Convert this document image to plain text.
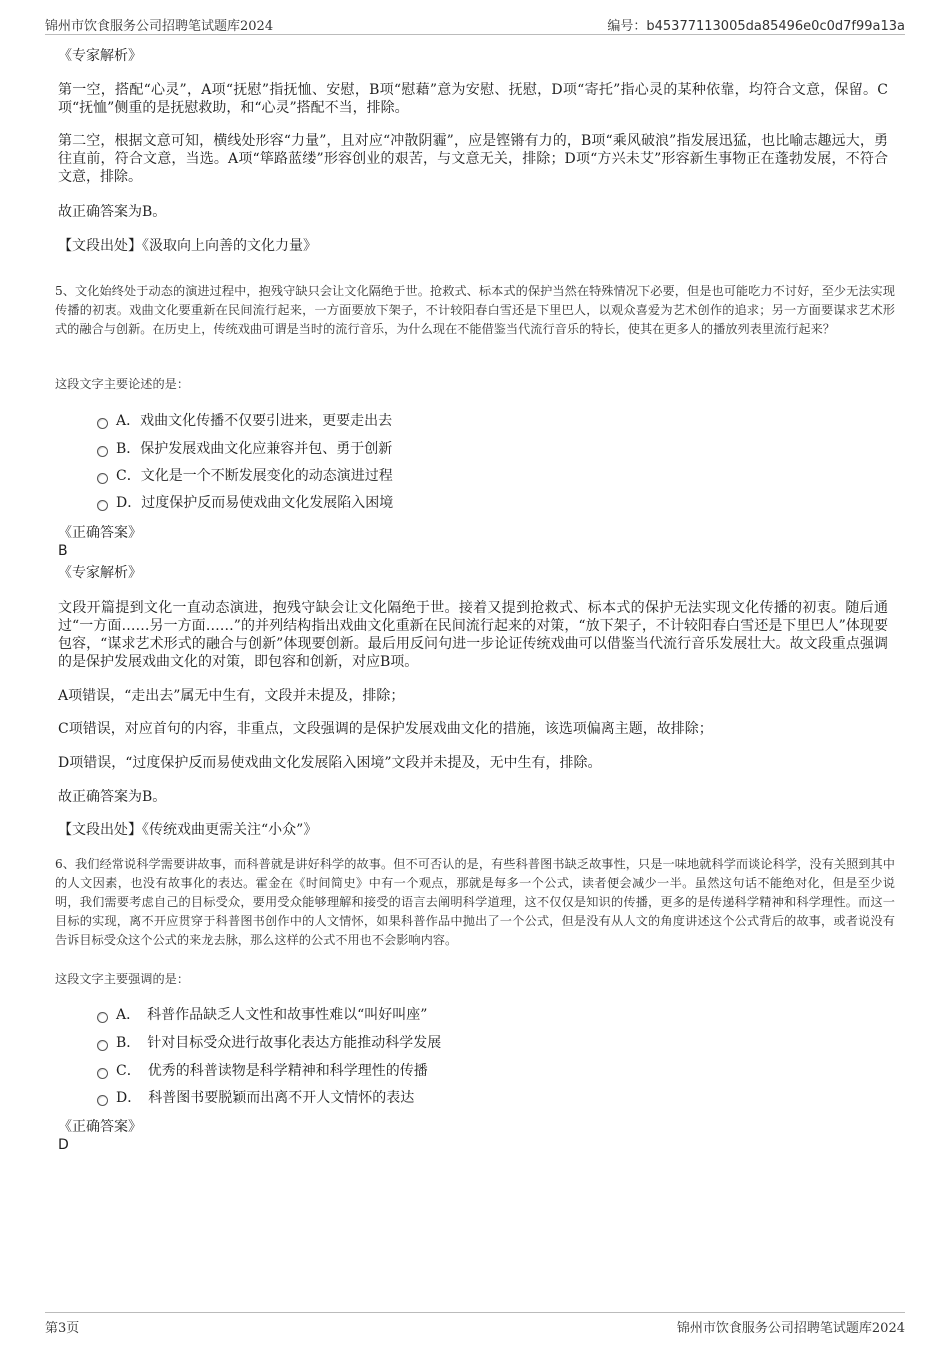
锦州市饮食服务公司招聘笔试题库2024	编号：b45377113005da85496e0c0d7f99a13a

《专家解析》

第一空，搭配“心灵”，A项“抚慰”指抚恤、安慰，B项“慰藉”意为安慰、抚慰，D项“寄托”指心灵的某种依靠，均符合文意，保留。C项“抚恤”侧重的是抚慰救助，和“心灵”搭配不当，排除。

第二空，根据文意可知，横线处形容“力量”，且对应“冲散阴霾”，应是铿锵有力的，B项“乘风破浪”指发展迅猛，也比喻志趣远大，勇往直前，符合文意，当选。A项“筚路蓝缕”形容创业的艰苦，与文意无关，排除；D项“方兴未艾”形容新生事物正在蓬勃发展，不符合文意，排除。

故正确答案为B。

【文段出处】《汲取向上向善的文化力量》

5、文化始终处于动态的演进过程中，抱残守缺只会让文化隔绝于世。抢救式、标本式的保护当然在特殊情况下必要，但是也可能吃力不讨好，至少无法实现传播的初衷。戏曲文化要重新在民间流行起来，一方面要放下架子，不计较阳春白雪还是下里巴人，以观众喜爱为艺术创作的追求；另一方面要谋求艺术形式的融合与创新。在历史上，传统戏曲可谓是当时的流行音乐，为什么现在不能借鉴当代流行音乐的特长，使其在更多人的播放列表里流行起来？

这段文字主要论述的是：

A．戏曲文化传播不仅要引进来，更要走出去
B．保护发展戏曲文化应兼容并包、勇于创新
C．文化是一个不断发展变化的动态演进过程
D．过度保护反而易使戏曲文化发展陷入困境

《正确答案》

B

《专家解析》

文段开篇提到文化一直动态演进，抱残守缺会让文化隔绝于世。接着又提到抢救式、标本式的保护无法实现文化传播的初衷。随后通过“一方面……另一方面……”的并列结构指出戏曲文化重新在民间流行起来的对策，“放下架子，不计较阳春白雪还是下里巴人”体现要包容，“谋求艺术形式的融合与创新”体现要创新。最后用反问句进一步论证传统戏曲可以借鉴当代流行音乐发展壮大。故文段重点强调的是保护发展戏曲文化的对策，即包容和创新，对应B项。

A项错误，“走出去”属无中生有，文段并未提及，排除；

C项错误，对应首句的内容，非重点，文段强调的是保护发展戏曲文化的措施，该选项偏离主题，故排除；

D项错误，“过度保护反而易使戏曲文化发展陷入困境”文段并未提及，无中生有，排除。

故正确答案为B。

【文段出处】《传统戏曲更需关注“小众”》

6、我们经常说科学需要讲故事，而科普就是讲好科学的故事。但不可否认的是，有些科普图书缺乏故事性，只是一味地就科学而谈论科学，没有关照到其中的人文因素，也没有故事化的表达。霍金在《时间简史》中有一个观点，那就是每多一个公式，读者便会减少一半。虽然这句话不能绝对化，但是至少说明，我们需要考虑自己的目标受众，要用受众能够理解和接受的语言去阐明科学道理，这不仅仅是知识的传播，更多的是传递科学精神和科学理性。而这一目标的实现，离不开应贯穿于科普图书创作中的人文情怀，如果科普作品中抛出了一个公式，但是没有从人文的角度讲述这个公式背后的故事，或者说没有告诉目标受众这个公式的来龙去脉，那么这样的公式不用也不会影响内容。

这段文字主要强调的是：

A．　科普作品缺乏人文性和故事性难以“叫好叫座”
B．　针对目标受众进行故事化表达方能推动科学发展
C．　优秀的科普读物是科学精神和科学理性的传播
D．　科普图书要脱颖而出离不开人文情怀的表达

《正确答案》

D

第3页	锦州市饮食服务公司招聘笔试题库2024
